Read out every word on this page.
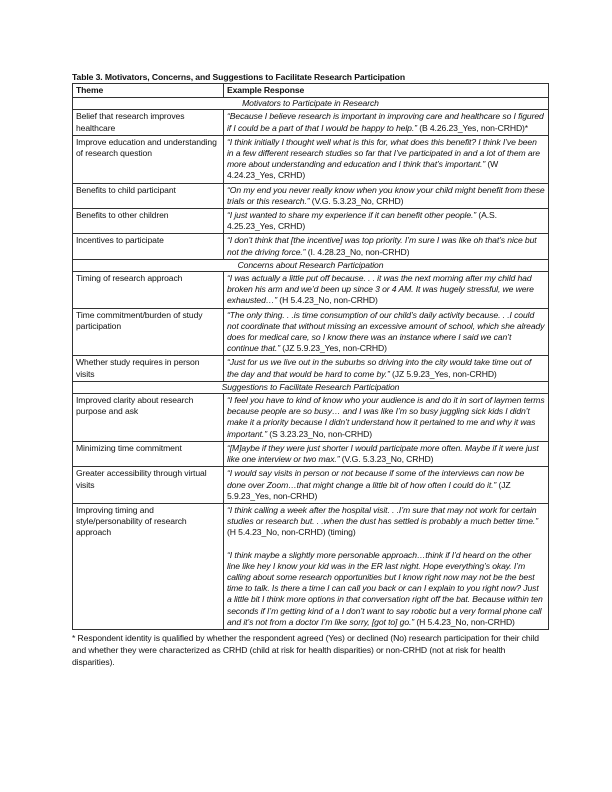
Table 3. Motivators, Concerns, and Suggestions to Facilitate Research Participation
Theme	Example Response
Motivators to Participate in Research	
Belief that research improves healthcare	“Because I believe research is important in improving care and healthcare so I figured if I could be a part of that I would be happy to help.” (B 4.26.23_Yes, non-CRHD)*
Improve education and understanding of research question	“I think initially I thought well what is this for, what does this benefit? I think I’ve been in a few different research studies so far that I’ve participated in and a lot of them are more about understanding and education and I think that’s important.” (W 4.24.23_Yes, CRHD)
Benefits to child participant	“On my end you never really know when you know your child might benefit from these trials or this research.” (V.G. 5.3.23_No, CRHD)
Benefits to other children	“I just wanted to share my experience if it can benefit other people.” (A.S. 4.25.23_Yes, CRHD)
Incentives to participate	“I don’t think that [the incentive] was top priority. I’m sure I was like oh that’s nice but not the driving force.” (I. 4.28.23_No, non-CRHD)
Concerns about Research Participation	
Timing of research approach	“I was actually a little put off because. . . it was the next morning after my child had broken his arm and we’d been up since 3 or 4 AM. It was hugely stressful, we were exhausted…” (H 5.4.23_No, non-CRHD)
Time commitment/burden of study participation	“The only thing. . .is time consumption of our child’s daily activity because. . .I could not coordinate that without missing an excessive amount of school, which she already does for medical care, so I know there was an instance where I said we can’t continue that.” (JZ 5.9.23_Yes, non-CRHD)
Whether study requires in person visits	“Just for us we live out in the suburbs so driving into the city would take time out of the day and that would be hard to come by.” (JZ 5.9.23_Yes, non-CRHD)
Suggestions to Facilitate Research Participation	
Improved clarity about research purpose and ask	“I feel you have to kind of know who your audience is and do it in sort of laymen terms because people are so busy… and I was like I’m so busy juggling sick kids I didn’t make it a priority because I didn’t understand how it pertained to me and why it was important.” (S 3.23.23_No, non-CRHD)
Minimizing time commitment	“[M]aybe if they were just shorter I would participate more often. Maybe if it were just like one interview or two max.” (V.G. 5.3.23_No, CRHD)
Greater accessibility through virtual visits	“I would say visits in person or not because if some of the interviews can now be done over Zoom…that might change a little bit of how often I could do it.” (JZ 5.9.23_Yes, non-CRHD)
Improving timing and style/personability of research approach	“I think calling a week after the hospital visit. . .I’m sure that may not work for certain studies or research but. . .when the dust has settled is probably a much better time.” (H 5.4.23_No, non-CRHD) (timing)
“I think maybe a slightly more personable approach…think if I’d heard on the other line like hey I know your kid was in the ER last night. Hope everything’s okay. I’m calling about some research opportunities but I know right now may not be the best time to talk. Is there a time I can call you back or can I explain to you right now? Just a little bit I think more options in that conversation right off the bat. Because within ten seconds if I’m getting kind of a I don’t want to say robotic but a very formal phone call and it’s not from a doctor I’m like sorry, [got to] go.” (H 5.4.23_No, non-CRHD)
* Respondent identity is qualified by whether the respondent agreed (Yes) or declined (No) research participation for their child and whether they were characterized as CRHD (child at risk for health disparities) or non-CRHD (not at risk for health disparities).
